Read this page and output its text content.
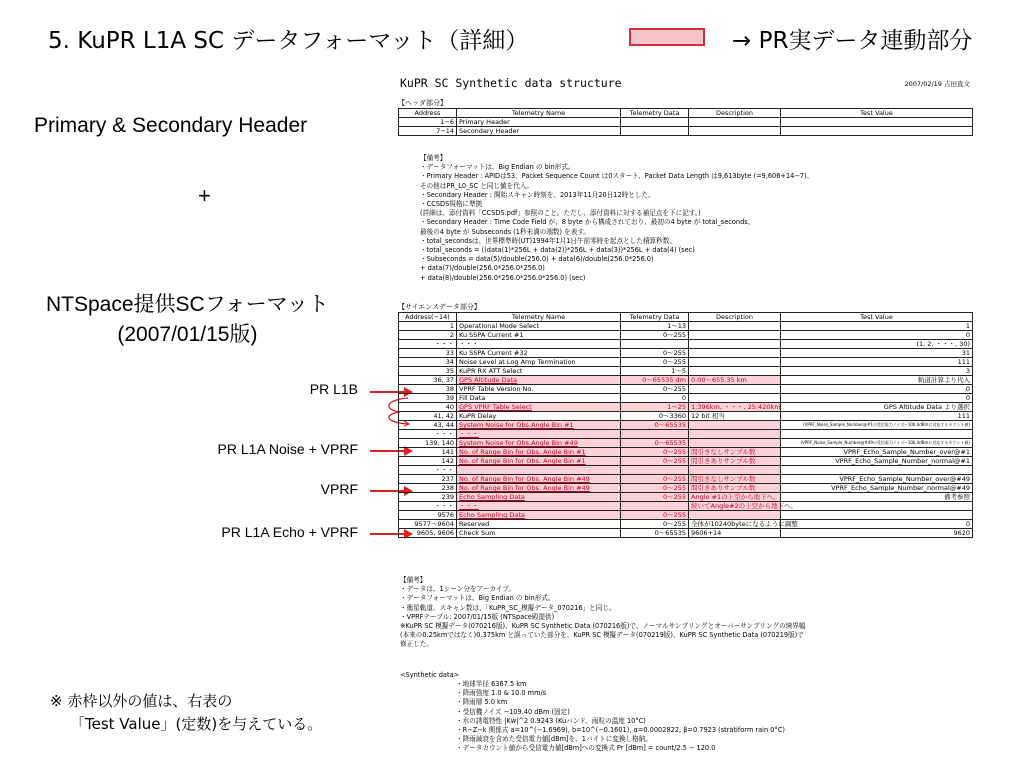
5. KuPR L1A SC データフォーマット（詳細）	→ PR実データ連動部分
Primary & Secondary Header
+
NTSpace提供SCフォーマット
(2007/01/15版)
PR L1B
PR L1A Noise + VPRF
VPRF
PR L1A Echo + VPRF
KuPR SC Synthetic data structure	2007/02/19 吉田直文
【ヘッダ部分】
Address	Telemetry Name	Telemetry Data	Description	Test Value
1−6	Primary Header			
7−14	Secondary Header			
【備考】
・データフォーマットは、Big Endian の bin形式。
・Primary Header : APIDは53、Packet Sequence Count は0スタート、Packet Data Length は9,613byte (=9,606+14−7)、
その他はPR_L0_SC と同じ値を代入。
・Secondary Header : 開始スキャン時刻を、2013年11月20日12時とした。
・CCSDS規格に準拠
(詳細は、添付資料「CCSDS.pdf」参照のこと。ただし、添付資料に対する補足点を下に記す。)
・Secondary Header : Time Code Field が、8 byte から構成されており、最初の4 byte が total_seconds、
最後の4 byte が Subseconds (1秒未満の端数) を表す。
・total_secondsは、世界標準時(UT)1994年1月1日午前零時を起点とした積算秒数。
・total_seconds = ((data(1)*256L + data(2))*256L + data(3))*256L + data(4) (sec)
・Subseconds = data(5)/double(256.0) + data(6)/double(256.0*256.0)
+ data(7)/double(256.0*256.0*256.0)
+ data(8)/double(256.0*256.0*256.0*256.0) (sec)
【サイエンスデータ部分】
Address(−14)	Telemetry Name	Telemetry Data	Description	Test Value
1	Operational Mode Select	1〜13		1
2	Ku SSPA Current #1	0〜255		0
・・・	・・・			(1, 2, ・・・, 30)
33	Ku SSPA Current #32	0〜255		31
34	Noise Level at Log Amp Termination	0〜255		111
35	KuPR RX ATT Select	1〜5		3
36, 37	GPS Altitude Data	0〜65535 dm	0.00〜655.35 km	軌道計算より代入
38	VPRF Table Version No.	0〜255		0
39	Fill Data	0		0
40	GPS VPRF Table Select	1〜25	1:396km, ・・・, 25:420km	GPS Altitude Data より選択
41, 42	KuPR Delay	0〜3360	12 bit 相当	111
43, 44	System Noise for Obs.Angle Bin #1	0〜65535		(VPRF_Noise_Sample_Number@#1の受信電力ノイズ−10b.4dBmに対応するカウント値)
・・・	・・・			
139, 140	System Noise for Obs.Angle Bin #49	0〜65535		(VPRF_Noise_Sample_Number@#49の受信電力ノイズ−10b.4dBmに対応するカウント値)
141	No. of Range Bin for Obs. Angle Bin #1	0〜255	間引きなしサンプル数	VPRF_Echo_Sample_Number_over@#1
142	No. of Range Bin for Obs. Angle Bin #1	0〜255	間引きありサンプル数	VPRF_Echo_Sample_Number_normal@#1
・・・				
237	No. of Range Bin for Obs. Angle Bin #49	0〜255	間引きなしサンプル数	VPRF_Echo_Sample_Number_over@#49
238	No. of Range Bin for Obs. Angle Bin #49	0〜255	間引きありサンプル数	VPRF_Echo_Sample_Number_normal@#49
239	Echo Sampling Data	0〜255	Angle #1の上空から地下へ。	備考参照
・・・	・・・		続いてAngle#2の上空から地下へ。	
9576	Echo Sampling Data	0〜255		
9577〜9604	Reserved	0〜255	全体が10240byteになるように調整	0
9605, 9606	Check Sum	0〜65535	9606+14	9620
【備考】
・データは、1シーン分をアーカイブ。
・データフォーマットは、Big Endian の bin形式。
・衛星軌道、スキャン数は、「KuPR_SC_模擬データ_070216」と同じ。
・VPRFテーブル: 2007/01/15版 (NTSpace殿提供)
※KuPR SC 模擬データ(070216版)、KuPR SC Synthetic Data (070216版)で、ノーマルサンプリングとオーバーサンプリングの境界幅
(本来の0.25kmではなく)0.375km と誤っていた部分を、KuPR SC 模擬データ(070219版)、KuPR SC Synthetic Data (070219版)で
修正した。
<Synthetic data>
・地球半径 6367.5 km
・降雨強度 1.0 & 10.0 mm/s
・降雨層 5.0 km
・受信機ノイズ −109.40 dBm (固定)
・水の誘電特性 |Kw|^2 0.9243 (Kuバンド、雨粒の温度 10°C)
・R−Z−k 関係式 a=10^(−1.6969), b=10^(−0.1601), α=0.0002822, β=0.7923 (stratiform rain 0°C)
・降雨減衰を含めた受信電力値[dBm]を、1バイトに変換し格納。
・データカウント値から受信電力値[dBm]への変換式 Pr [dBm] = count/2.5 − 120.0
※ 赤枠以外の値は、右表の
「Test Value」(定数)を与えている。
